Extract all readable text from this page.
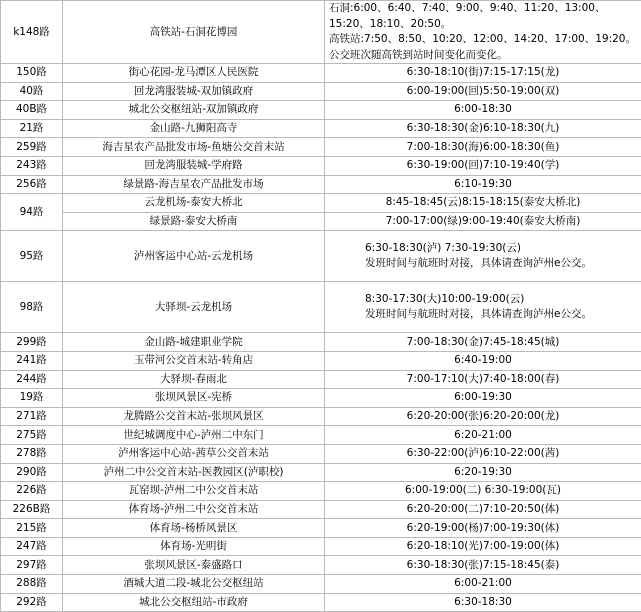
k148路	高铁站-石洞花博园	石洞:6:00、6:40、7:40、9:00、9:40、11:20、13:00、15:20、18:10、20:50。
高铁站:7:50、8:50、10:20、12:00、14:20、17:00、19:20。
公交班次随高铁到站时间变化而变化。

150路	街心花园-龙马潭区人民医院	6:30-18:10(街)7:15-17:15(龙)
40路	回龙湾服装城-双加镇政府	6:00-19:00(回)5:50-19:00(双)
40B路	城北公交枢纽站-双加镇政府	6:00-18:30
21路	金山路-九狮阳高寺	6:30-18:30(金)6:10-18:30(九)
259路	海吉星农产品批发市场-鱼塘公交首末站	7:00-18:30(海)6:00-18:30(鱼)
243路	回龙湾服装城-学府路	6:30-19:00(回)7:10-19:40(学)
256路	绿景路-海吉星农产品批发市场	6:10-19:30
94路	云龙机场-泰安大桥北	8:45-18:45(云)8:15-18:15(泰安大桥北)
	绿景路-泰安大桥南	7:00-17:00(绿)9:00-19:40(泰安大桥南)
95路	泸州客运中心站-云龙机场	6:30-18:30(泸) 7:30-19:30(云)
发班时间与航班时对接，具体请查询泸州e公交。

98路	大驿坝-云龙机场	8:30-17:30(大)10:00-19:00(云)
发班时间与航班时对接，具体请查询泸州e公交。

299路	金山路-城建职业学院	7:00-18:30(金)7:45-18:45(城)
241路	玉带河公交首末站-转角店	6:40-19:00
244路	大驿坝-春雨北	7:00-17:10(大)7:40-18:00(春)
19路	张坝风景区-宪桥	6:00-19:30
271路	龙腾路公交首末站-张坝风景区	6:20-20:00(张)6:20-20:00(龙)
275路	世纪城调度中心-泸州二中东门	6:20-21:00
278路	泸州客运中心站-茜草公交首末站	6:30-22:00(泸)6:10-22:00(茜)
290路	泸州二中公交首末站-医教园区(泸职校)	6:20-19:30
226路	瓦窑坝-泸州二中公交首末站	6:00-19:00(二) 6:30-19:00(瓦)
226B路	体育场-泸州二中公交首末站	6:20-20:00(二)7:10-20:50(体)
215路	体育场-杨桥风景区	6:20-19:00(杨)7:00-19:30(体)
247路	体育场-光明街	6:20-18:10(光)7:00-19:00(体)
297路	张坝风景区-泰盛路口	6:30-18:30(张)7:15-18:45(泰)
288路	酒城大道二段-城北公交枢纽站	6:00-21:00
292路	城北公交枢纽站-市政府	6:30-18:30
